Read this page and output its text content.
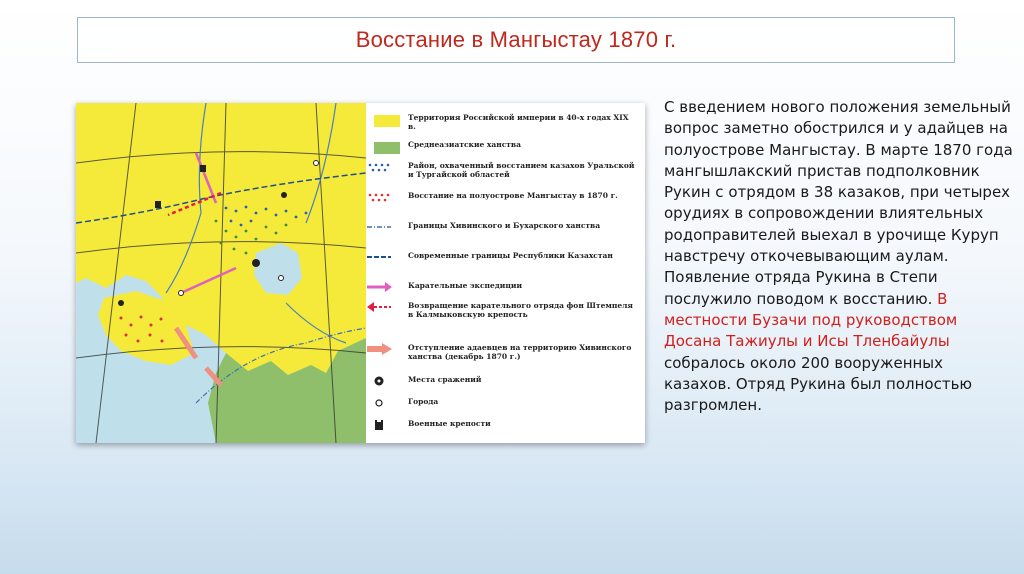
Восстание в Мангыстау 1870 г.
Территория Российской империи в 40-х годах XIX в.
Среднеазиатские ханства
Район, охваченный восстанием казахов Уральской и Тургайской областей
Восстание на полуострове Мангыстау в 1870 г.
Границы Хивинского и Бухарского ханства
Современные границы Республики Казахстан
Карательные экспедиции
Возвращение карательного отряда фон Штемпеля в Калмыковскую крепость
Отступление адаевцев на территорию Хивинского ханства (декабрь 1870 г.)
Места сражений
Города
Военные крепости
С введением нового положения земельный вопрос заметно обострился и у адайцев на полуострове Мангыстау. В марте 1870 года мангышлакский пристав подполковник Рукин с отрядом в 38 казаков, при четырех орудиях в сопровождении влиятельных родоправителей выехал в урочище Куруп навстречу откочевывающим аулам. Появление отряда Рукина в Степи послужило поводом к восстанию. В местности Бузачи под руководством Досана Тажиулы и Исы Тленбайулы собралось около 200 вооруженных казахов. Отряд Рукина был полностью разгромлен.
